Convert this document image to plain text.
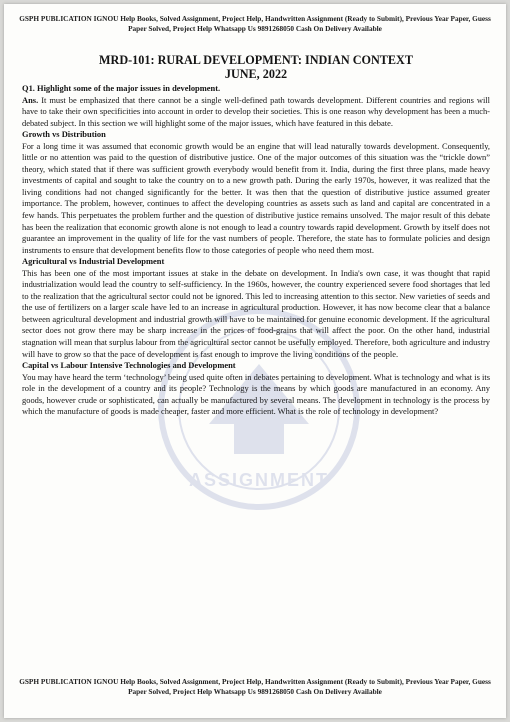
ASSIGNMENT
GSPH PUBLICATION IGNOU Help Books, Solved Assignment, Project Help, Handwritten Assignment (Ready to Submit), Previous Year Paper, Guess Paper Solved, Project Help Whatsapp Us 9891268050 Cash On Delivery Available
MRD-101: RURAL DEVELOPMENT: INDIAN CONTEXT
JUNE, 2022

Q1. Highlight some of the major issues in development.

Ans. It must be emphasized that there cannot be a single well-defined path towards development. Different countries and regions will have to take their own specificities into account in order to develop their societies. This is one reason why development has been a much-debated subject. In this section we will highlight some of the major issues, which have featured in this debate.

Growth vs Distribution

For a long time it was assumed that economic growth would be an engine that will lead naturally towards development. Consequently, little or no attention was paid to the question of distributive justice. One of the major outcomes of this situation was the “trickle down” theory, which stated that if there was sufficient growth everybody would benefit from it. India, during the first three plans, made heavy investments of capital and sought to take the country on to a new growth path. During the early 1970s, however, it was realized that the living conditions had not changed significantly for the better. It was then that the question of distributive justice assumed greater importance. The problem, however, continues to affect the developing countries as assets such as land and capital are concentrated in a few hands. This perpetuates the problem further and the question of distributive justice remains unsolved. The major result of this debate has been the realization that economic growth alone is not enough to lead a country towards rapid development. Growth by itself does not guarantee an improvement in the quality of life for the vast numbers of people. Therefore, the state has to formulate policies and design instruments to ensure that development benefits flow to those categories of people who need them most.

Agricultural vs Industrial Development

This has been one of the most important issues at stake in the debate on development. In India's own case, it was thought that rapid industrialization would lead the country to self-sufficiency. In the 1960s, however, the country experienced severe food shortages that led to the realization that the agricultural sector could not be ignored. This led to increasing attention to this sector. New varieties of seeds and the use of fertilizers on a larger scale have led to an increase in agricultural production. However, it has now become clear that a balance between agricultural development and industrial growth will have to be maintained for genuine economic development. If the agricultural sector does not grow there may be sharp increase in the prices of food-grains that will affect the poor. On the other hand, industrial stagnation will mean that surplus labour from the agricultural sector cannot be usefully employed. Therefore, both agriculture and industry will have to grow so that the pace of development is fast enough to improve the living conditions of the people.

Capital vs Labour Intensive Technologies and Development

You may have heard the term ‘technology’ being used quite often in debates pertaining to development. What is technology and what is its role in the development of a country and its people? Technology is the means by which goods are manufactured in an economy. Any goods, however crude or sophisticated, can actually be manufactured by several means. The development in technology is the process by which the manufacture of goods is made cheaper, faster and more efficient. What is the role of technology in development?

GSPH PUBLICATION IGNOU Help Books, Solved Assignment, Project Help, Handwritten Assignment (Ready to Submit), Previous Year Paper, Guess Paper Solved, Project Help Whatsapp Us 9891268050 Cash On Delivery Available
